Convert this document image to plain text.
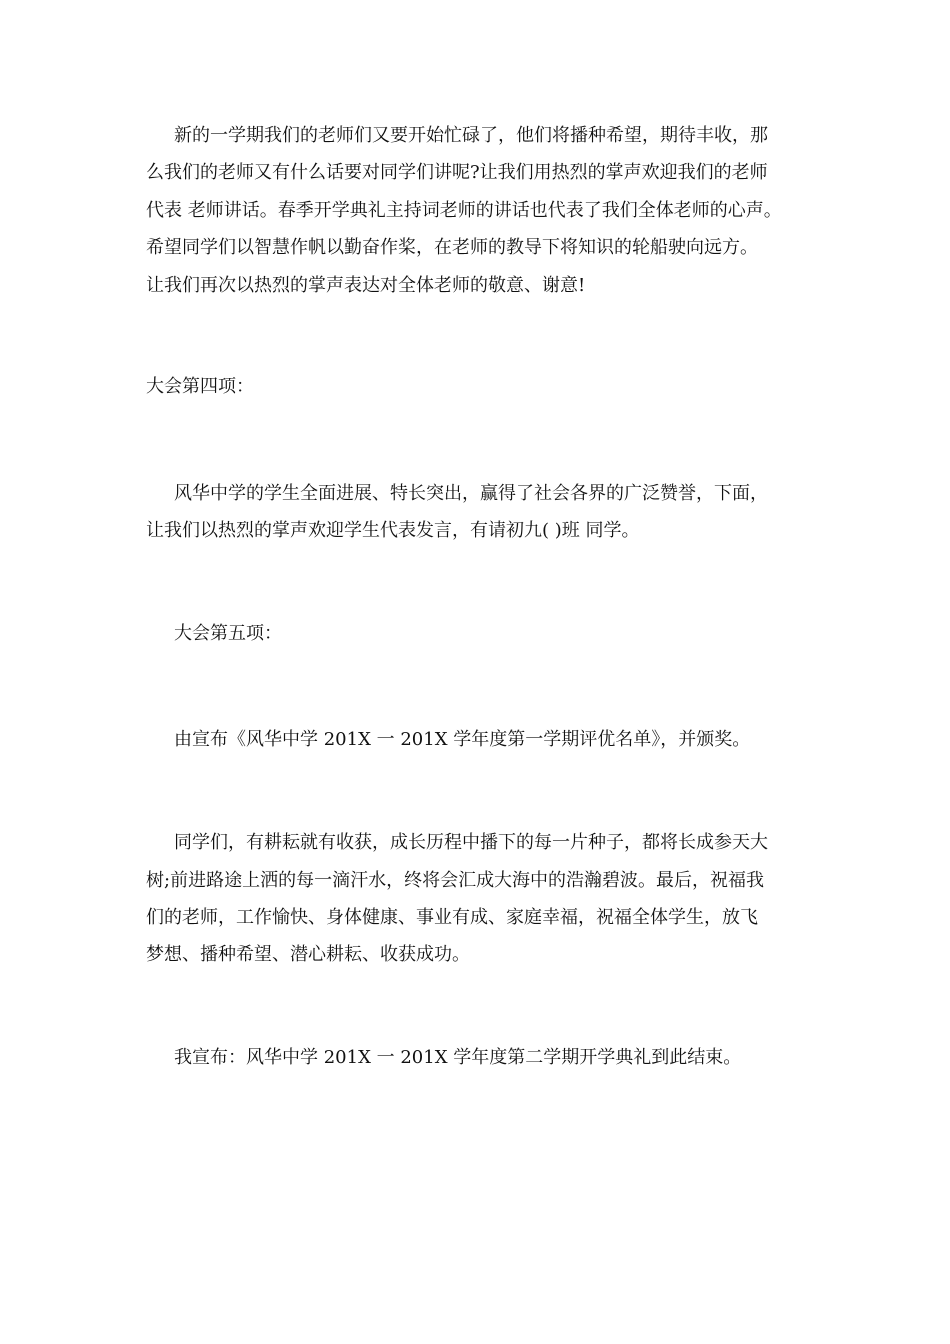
新的一学期我们的老师们又要开始忙碌了，他们将播种希望，期待丰收，那
么我们的老师又有什么话要对同学们讲呢?让我们用热烈的掌声欢迎我们的老师
代表 老师讲话。春季开学典礼主持词老师的讲话也代表了我们全体老师的心声。
希望同学们以智慧作帆以勤奋作桨，在老师的教导下将知识的轮船驶向远方。
让我们再次以热烈的掌声表达对全体老师的敬意、谢意!
大会第四项：
风华中学的学生全面进展、特长突出，赢得了社会各界的广泛赞誉，下面，
让我们以热烈的掌声欢迎学生代表发言，有请初九( )班 同学。
大会第五项：
由宣布《风华中学 201X 一 201X 学年度第一学期评优名单》，并颁奖。
同学们，有耕耘就有收获，成长历程中播下的每一片种子，都将长成参天大
树;前进路途上洒的每一滴汗水，终将会汇成大海中的浩瀚碧波。最后，祝福我
们的老师，工作愉快、身体健康、事业有成、家庭幸福，祝福全体学生，放飞
梦想、播种希望、潜心耕耘、收获成功。
我宣布：风华中学 201X 一 201X 学年度第二学期开学典礼到此结束。
